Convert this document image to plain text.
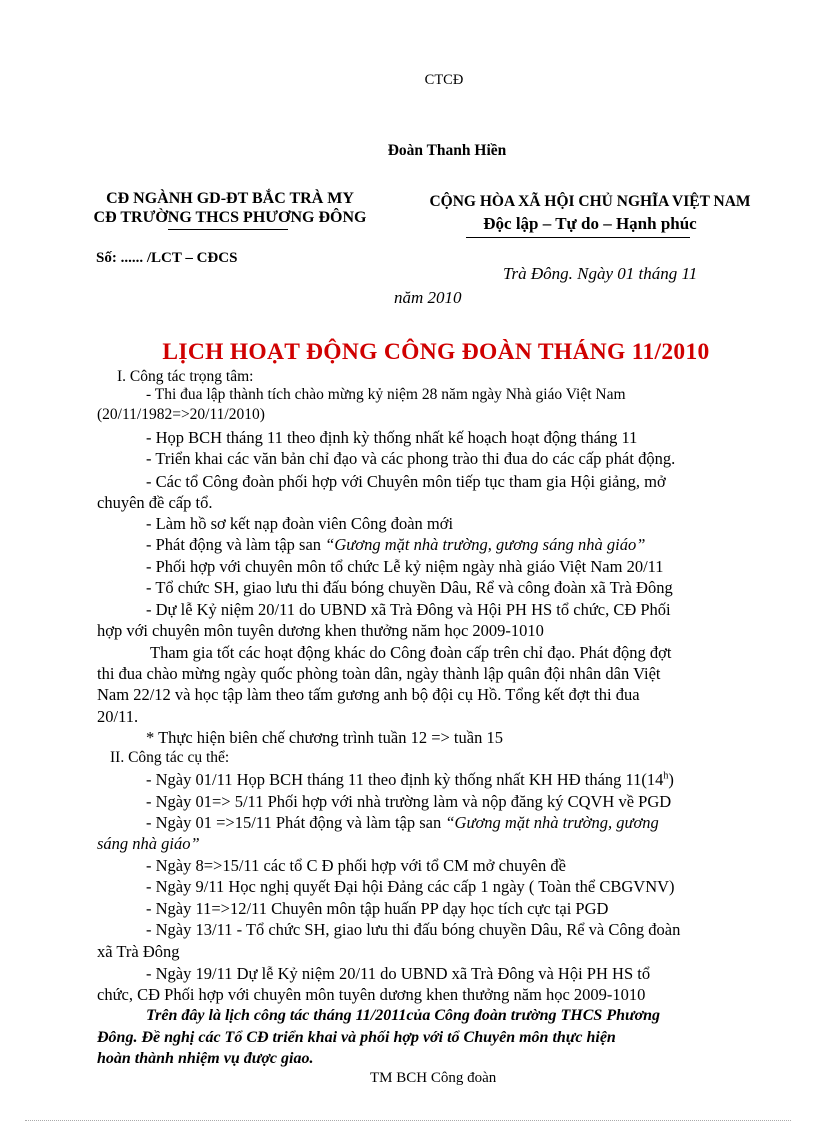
CTCĐ
Đoàn Thanh Hiền
CĐ NGÀNH GD-ĐT BẮC TRÀ MY
CĐ TRƯỜNG THCS PHƯƠNG ĐÔNG
CỘNG HÒA XÃ HỘI CHỦ NGHĨA VIỆT NAM
Độc lập – Tự do – Hạnh phúc
Số: ...... /LCT – CĐCS
Trà Đông. Ngày 01 tháng 11
năm 2010
LỊCH HOẠT ĐỘNG CÔNG ĐOÀN THÁNG 11/2010
I. Công tác trọng tâm:
- Thi đua lập thành tích chào mừng kỷ niệm 28 năm ngày Nhà giáo Việt Nam
(20/11/1982=>20/11/2010)
- Họp BCH tháng 11 theo định kỳ thống nhất kế hoạch hoạt động tháng 11
- Triển khai các văn bản chỉ đạo và các phong trào thi đua do các cấp phát động.
- Các tổ Công đoàn phối hợp với Chuyên môn tiếp tục tham gia Hội giảng, mở
chuyên đề cấp tổ.
- Làm hồ sơ kết nạp đoàn viên Công đoàn mới
- Phát động và làm tập san “Gương mặt nhà trường, gương sáng nhà giáo”
- Phối hợp với chuyên môn tổ chức Lễ kỷ niệm ngày nhà giáo Việt Nam 20/11
- Tổ chức SH, giao lưu thi đấu bóng chuyền Dâu, Rể và công đoàn xã Trà Đông
- Dự lễ Kỷ niệm 20/11 do UBND xã Trà Đông và Hội PH HS tổ chức, CĐ Phối
hợp với chuyên môn tuyên dương khen thưởng năm học 2009-1010
Tham gia tốt các hoạt động khác do Công đoàn cấp trên chỉ đạo. Phát động đợt
thi đua chào mừng ngày quốc phòng toàn dân, ngày thành lập quân đội nhân dân Việt
Nam 22/12 và học tập làm theo tấm gương anh bộ đội cụ Hồ. Tổng kết đợt thi đua
20/11.
* Thực hiện biên chế chương trình tuần 12 => tuần 15
II. Công tác cụ thể:
- Ngày 01/11 Họp BCH tháng 11 theo định kỳ thống nhất KH HĐ tháng 11(14$^h$)
- Ngày 01=> 5/11 Phối hợp với nhà trường làm và nộp đăng ký CQVH về PGD
- Ngày 01 =>15/11 Phát động và làm tập san “Gương mặt nhà trường, gương
sáng nhà giáo”
- Ngày 8=>15/11 các tổ C Đ phối hợp với tổ CM mở chuyên đề
- Ngày 9/11 Học nghị quyết Đại hội Đảng các cấp 1 ngày ( Toàn thể CBGVNV)
- Ngày 11=>12/11 Chuyên môn tập huấn PP dạy học tích cực tại PGD
- Ngày 13/11 - Tổ chức SH, giao lưu thi đấu bóng chuyền Dâu, Rể và Công đoàn
xã Trà Đông
- Ngày 19/11 Dự lễ Kỷ niệm 20/11 do UBND xã Trà Đông và Hội PH HS tổ
chức, CĐ Phối hợp với chuyên môn tuyên dương khen thưởng năm học 2009-1010
Trên đây là lịch công tác tháng 11/2011của Công đoàn trường THCS Phương
Đông. Đề nghị các Tổ CĐ triển khai và phối hợp với tổ Chuyên môn thực hiện
hoàn thành nhiệm vụ được giao.
TM BCH Công đoàn
